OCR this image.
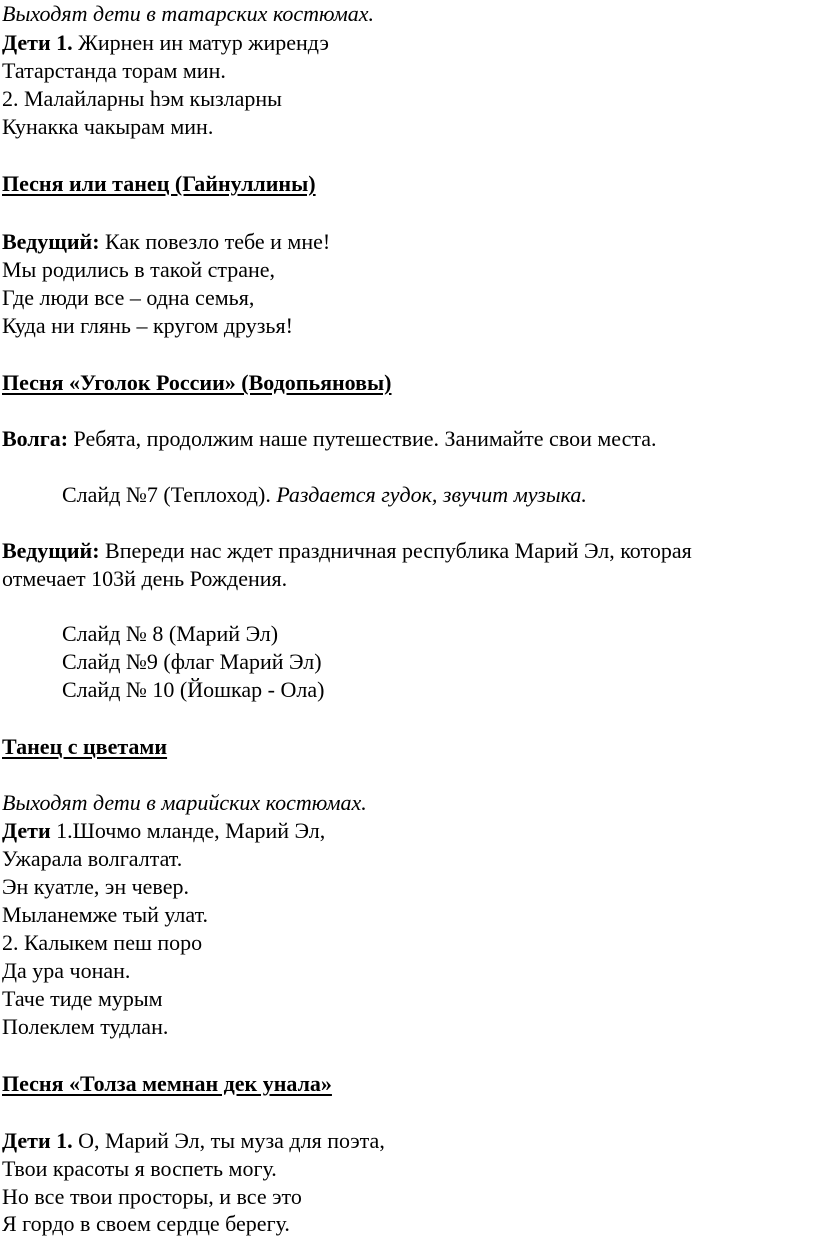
Выходят дети в татарских костюмах.
Дети 1. Жирнен ин матур жирендэ
Татарстанда торам мин.
2. Малайларны hэм кызларны
Кунакка чакырам мин.
Песня или танец (Гайнуллины)
Ведущий: Как повезло тебе и мне!
Мы родились в такой стране,
Где люди все – одна семья,
Куда ни глянь – кругом друзья!
Песня «Уголок России» (Водопьяновы)
Волга: Ребята, продолжим наше путешествие. Занимайте свои места.
Слайд №7 (Теплоход). Раздается гудок, звучит музыка.
Ведущий: Впереди нас ждет праздничная республика Марий Эл, которая
отмечает 103й день Рождения.
Слайд № 8 (Марий Эл)
Слайд №9 (флаг Марий Эл)
Слайд № 10 (Йошкар - Ола)
Танец с цветами
Выходят дети в марийских костюмах.
Дети 1.Шочмо мланде, Марий Эл,
Ужарала волгалтат.
Эн куатле, эн чевер.
Мыланемже тый улат.
2. Калыкем пеш поро
Да ура чонан.
Таче тиде мурым
Полеклем тудлан.
Песня «Толза мемнан дек унала»
Дети 1. О, Марий Эл, ты муза для поэта,
Твои красоты я воспеть могу.
Но все твои просторы, и все это
Я гордо в своем сердце берегу.
